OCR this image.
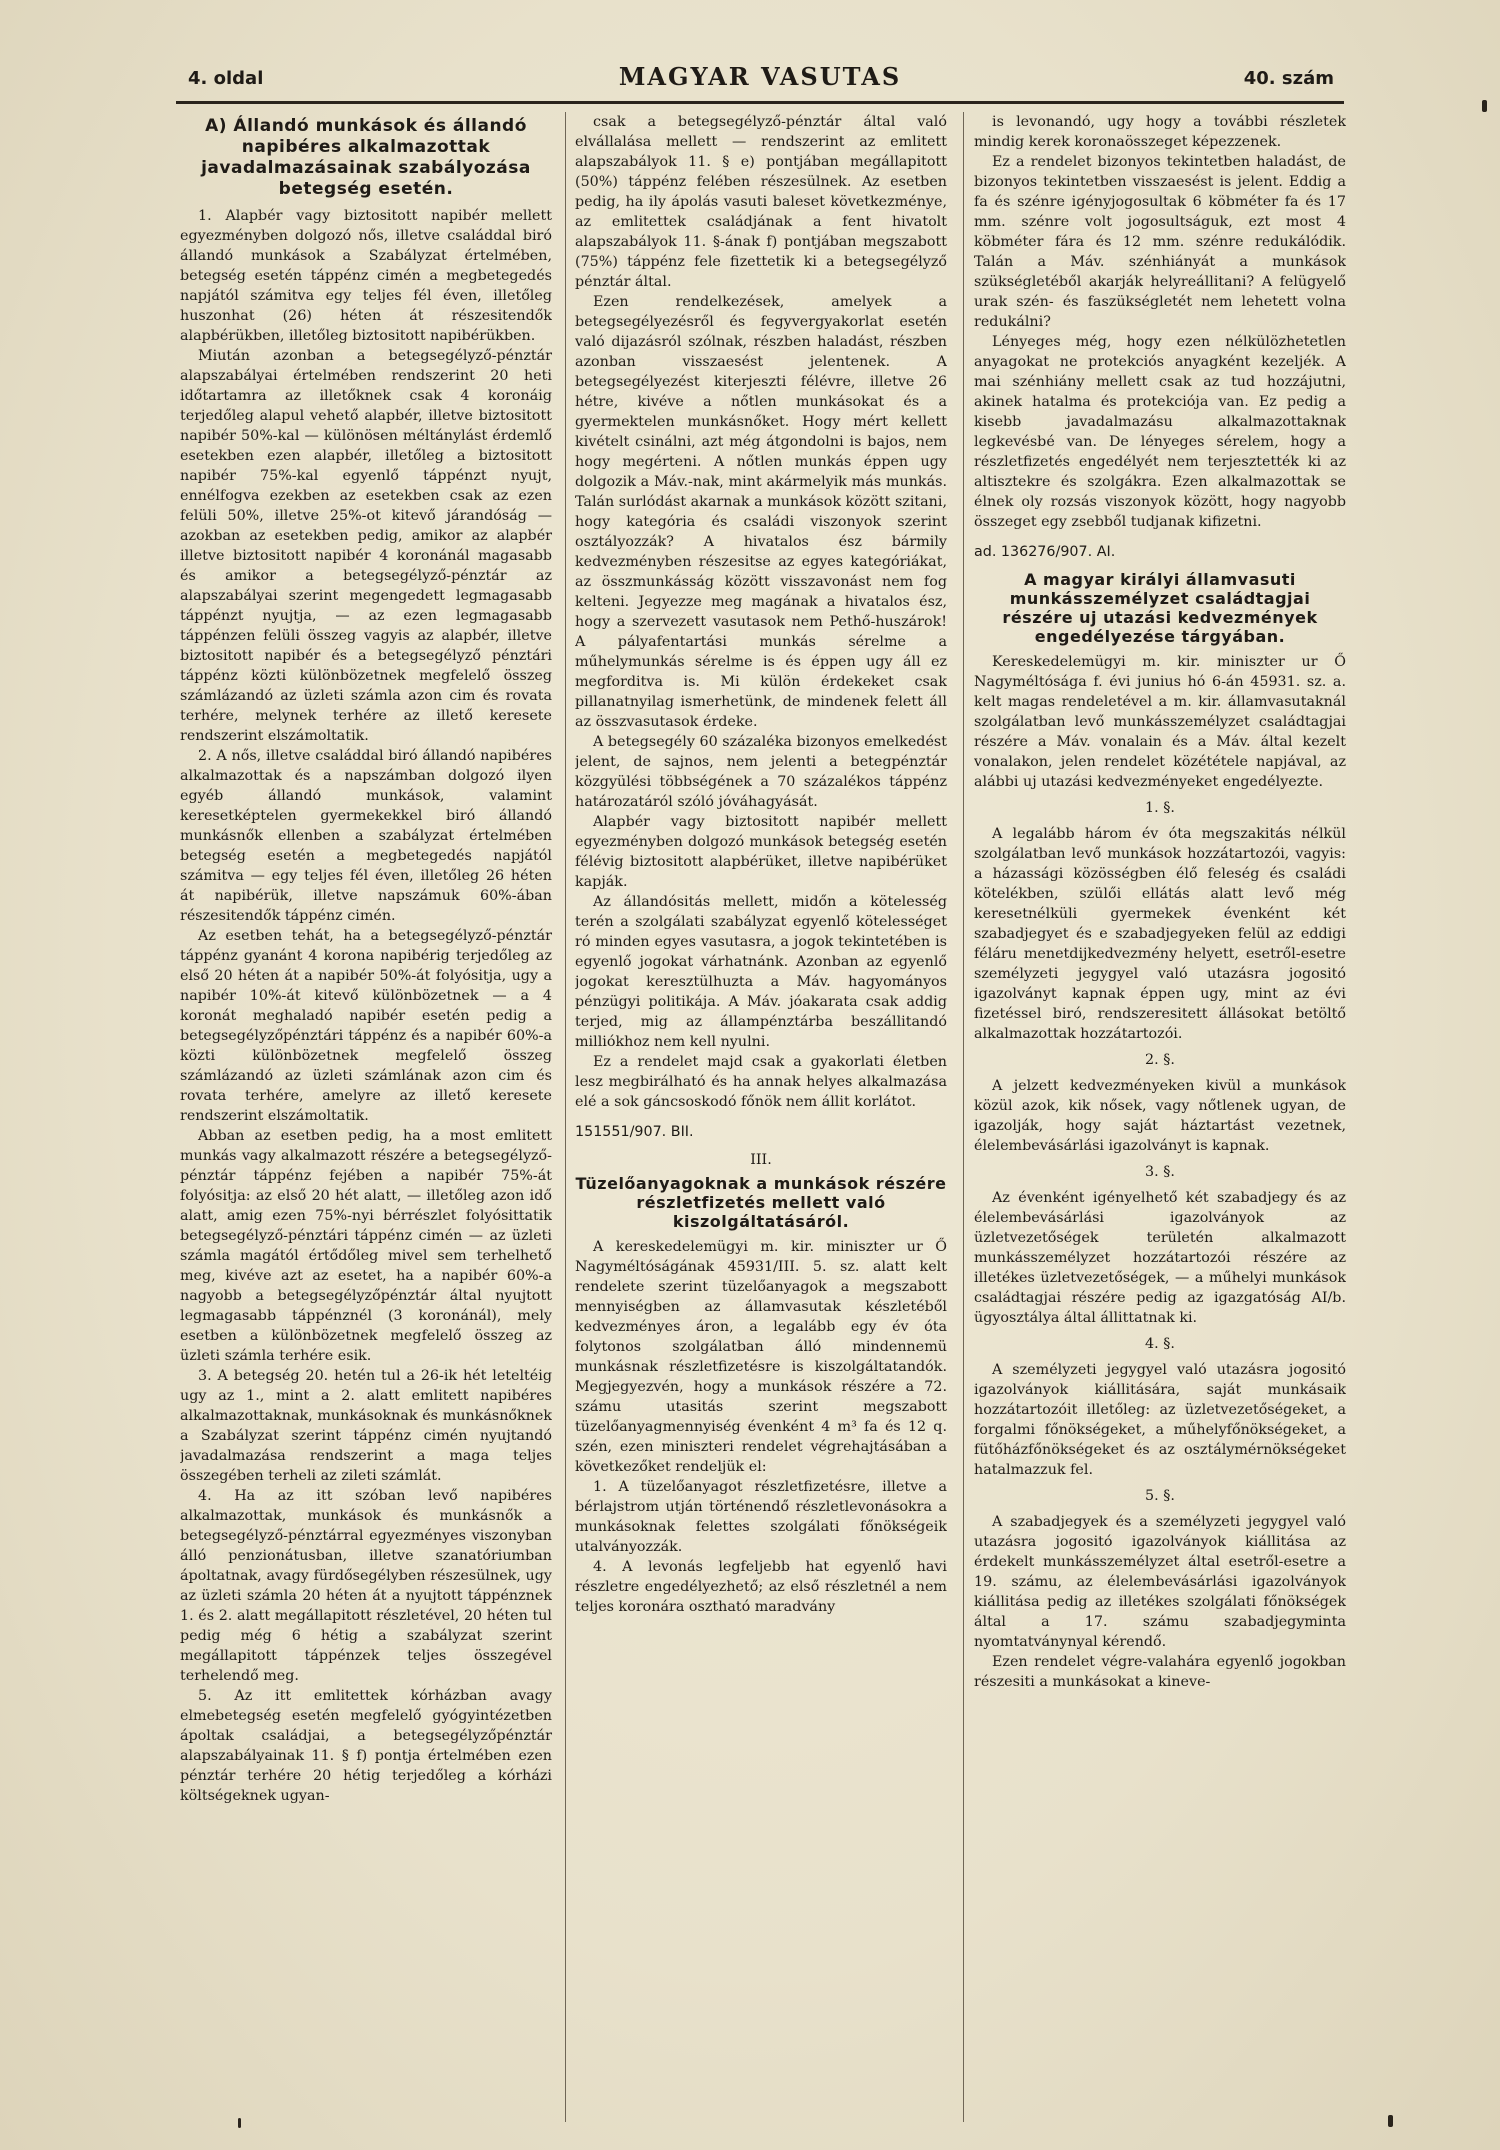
4. oldal	MAGYAR VASUTAS	40. szám
A) Állandó munkások és állandó napibéres alkalmazottak javadalmazásainak szabályozása betegség esetén.

1. Alapbér vagy biztositott napibér mellett egyezményben dolgozó nős, illetve családdal biró állandó munkások a Szabályzat értelmében, betegség esetén táppénz cimén a megbetegedés napjától számitva egy teljes fél éven, illetőleg huszonhat (26) héten át részesitendők alapbérükben, illetőleg biztositott napibérükben.

Miután azonban a betegsegélyző-pénztár alapszabályai értelmében rendszerint 20 heti időtartamra az illetőknek csak 4 koronáig terjedőleg alapul vehető alapbér, illetve biztositott napibér 50%-kal — különösen méltánylást érdemlő esetekben ezen alapbér, illetőleg a biztositott napibér 75%-kal egyenlő táppénzt nyujt, ennélfogva ezekben az esetekben csak az ezen felüli 50%, illetve 25%-ot kitevő járandóság — azokban az esetekben pedig, amikor az alapbér illetve biztositott napibér 4 koronánál magasabb és amikor a betegsegélyző-pénztár az alapszabályai szerint megengedett legmagasabb táppénzt nyujtja, — az ezen legmagasabb táppénzen felüli összeg vagyis az alapbér, illetve biztositott napibér és a betegsegélyző pénztári táppénz közti különbözetnek megfelelő összeg számlázandó az üzleti számla azon cim és rovata terhére, melynek terhére az illető keresete rendszerint elszámoltatik.

2. A nős, illetve családdal biró állandó napibéres alkalmazottak és a napszámban dolgozó ilyen egyéb állandó munkások, valamint keresetképtelen gyermekekkel biró állandó munkásnők ellenben a szabályzat értelmében betegség esetén a megbetegedés napjától számitva — egy teljes fél éven, illetőleg 26 héten át napibérük, illetve napszámuk 60%-ában részesitendők táppénz cimén.

Az esetben tehát, ha a betegsegélyző-pénztár táppénz gyanánt 4 korona napibérig terjedőleg az első 20 héten át a napibér 50%-át folyósitja, ugy a napibér 10%-át kitevő különbözetnek — a 4 koronát meghaladó napibér esetén pedig a betegsegélyzőpénztári táppénz és a napibér 60%-a közti különbözetnek megfelelő összeg számlázandó az üzleti számlának azon cim és rovata terhére, amelyre az illető keresete rendszerint elszámoltatik.

Abban az esetben pedig, ha a most emlitett munkás vagy alkalmazott részére a betegsegélyző-pénztár táppénz fejében a napibér 75%-át folyósitja: az első 20 hét alatt, — illetőleg azon idő alatt, amig ezen 75%-nyi bérrészlet folyósittatik betegsegélyző-pénztári táppénz cimén — az üzleti számla magától értődőleg mivel sem terhelhető meg, kivéve azt az esetet, ha a napibér 60%-a nagyobb a betegsegélyzőpénztár által nyujtott legmagasabb táppénznél (3 koronánál), mely esetben a különbözetnek megfelelő összeg az üzleti számla terhére esik.

3. A betegség 20. hetén tul a 26-ik hét leteltéig ugy az 1., mint a 2. alatt emlitett napibéres alkalmazottaknak, munkásoknak és munkásnőknek a Szabályzat szerint táppénz cimén nyujtandó javadalmazása rendszerint a maga teljes összegében terheli az zileti számlát.

4. Ha az itt szóban levő napibéres alkalmazottak, munkások és munkásnők a betegsegélyző-pénztárral egyezményes viszonyban álló penzionátusban, illetve szanatóriumban ápoltatnak, avagy fürdősegélyben részesülnek, ugy az üzleti számla 20 héten át a nyujtott táppénznek 1. és 2. alatt megállapitott részletével, 20 héten tul pedig még 6 hétig a szabályzat szerint megállapitott táppénzek teljes összegével terhelendő meg.

5. Az itt emlitettek kórházban avagy elmebetegség esetén megfelelő gyógyintézetben ápoltak családjai, a betegsegélyzőpénztár alapszabályainak 11. § f) pontja értelmében ezen pénztár terhére 20 hétig terjedőleg a kórházi költségeknek ugyan-

csak a betegsegélyző-pénztár által való elvállalása mellett — rendszerint az emlitett alapszabályok 11. § e) pontjában megállapitott (50%) táppénz felében részesülnek. Az esetben pedig, ha ily ápolás vasuti baleset következménye, az emlitettek családjának a fent hivatolt alapszabályok 11. §-ának f) pontjában megszabott (75%) táppénz fele fizettetik ki a betegsegélyző pénztár által.

Ezen rendelkezések, amelyek a betegsegélyezésről és fegyvergyakorlat esetén való dijazásról szólnak, részben haladást, részben azonban visszaesést jelentenek. A betegsegélyezést kiterjeszti félévre, illetve 26 hétre, kivéve a nőtlen munkásokat és a gyermektelen munkásnőket. Hogy mért kellett kivételt csinálni, azt még átgondolni is bajos, nem hogy megérteni. A nőtlen munkás éppen ugy dolgozik a Máv.-nak, mint akármelyik más munkás. Talán surlódást akarnak a munkások között szitani, hogy kategória és családi viszonyok szerint osztályozzák? A hivatalos ész bármily kedvezményben részesitse az egyes kategóriákat, az összmunkásság között visszavonást nem fog kelteni. Jegyezze meg magának a hivatalos ész, hogy a szervezett vasutasok nem Pethő-huszárok! A pályafentartási munkás sérelme a műhelymunkás sérelme is és éppen ugy áll ez megforditva is. Mi külön érdekeket csak pillanatnyilag ismerhetünk, de mindenek felett áll az összvasutasok érdeke.

A betegsegély 60 százaléka bizonyos emelkedést jelent, de sajnos, nem jelenti a betegpénztár közgyülési többségének a 70 százalékos táppénz határozatáról szóló jóváhagyását.

Alapbér vagy biztositott napibér mellett egyezményben dolgozó munkások betegség esetén félévig biztositott alapbérüket, illetve napibérüket kapják.

Az állandósitás mellett, midőn a kötelesség terén a szolgálati szabályzat egyenlő kötelességet ró minden egyes vasutasra, a jogok tekintetében is egyenlő jogokat várhatnánk. Azonban az egyenlő jogokat keresztülhuzta a Máv. hagyományos pénzügyi politikája. A Máv. jóakarata csak addig terjed, mig az állampénztárba beszállitandó milliókhoz nem kell nyulni.

Ez a rendelet majd csak a gyakorlati életben lesz megbirálható és ha annak helyes alkalmazása elé a sok gáncsoskodó főnök nem állit korlátot.

151551/907. BII.

III.

Tüzelőanyagoknak a munkások részére részletfizetés mellett való kiszolgáltatásáról.

A kereskedelemügyi m. kir. miniszter ur Ő Nagyméltóságának 45931/III. 5. sz. alatt kelt rendelete szerint tüzelőanyagok a megszabott mennyiségben az államvasutak készletéből kedvezményes áron, a legalább egy év óta folytonos szolgálatban álló mindennemü munkásnak részletfizetésre is kiszolgáltatandók. Megjegyezvén, hogy a munkások részére a 72. számu utasitás szerint megszabott tüzelőanyagmennyiség évenként 4 m³ fa és 12 q. szén, ezen miniszteri rendelet végrehajtásában a következőket rendeljük el:

1. A tüzelőanyagot részletfizetésre, illetve a bérlajstrom utján történendő részletlevonásokra a munkásoknak felettes szolgálati főnökségeik utalványozzák.

4. A levonás legfeljebb hat egyenlő havi részletre engedélyezhető; az első részletnél a nem teljes koronára osztható maradvány

is levonandó, ugy hogy a további részletek mindig kerek koronaösszeget képezzenek.

Ez a rendelet bizonyos tekintetben haladást, de bizonyos tekintetben visszaesést is jelent. Eddig a fa és szénre igényjogosultak 6 köbméter fa és 17 mm. szénre volt jogosultságuk, ezt most 4 köbméter fára és 12 mm. szénre redukálódik. Talán a Máv. szénhiányát a munkások szükségletéből akarják helyreállitani? A felügyelő urak szén- és faszükségletét nem lehetett volna redukálni?

Lényeges még, hogy ezen nélkülözhetetlen anyagokat ne protekciós anyagként kezeljék. A mai szénhiány mellett csak az tud hozzájutni, akinek hatalma és protekciója van. Ez pedig a kisebb javadalmazásu alkalmazottaknak legkevésbé van. De lényeges sérelem, hogy a részletfizetés engedélyét nem terjesztették ki az altisztekre és szolgákra. Ezen alkalmazottak se élnek oly rozsás viszonyok között, hogy nagyobb összeget egy zsebből tudjanak kifizetni.

ad. 136276/907. AI.

A magyar királyi államvasuti munkásszemélyzet családtagjai részére uj utazási kedvezmények engedélyezése tárgyában.

Kereskedelemügyi m. kir. miniszter ur Ő Nagyméltósága f. évi junius hó 6-án 45931. sz. a. kelt magas rendeletével a m. kir. államvasutaknál szolgálatban levő munkásszemélyzet családtagjai részére a Máv. vonalain és a Máv. által kezelt vonalakon, jelen rendelet közététele napjával, az alábbi uj utazási kedvezményeket engedélyezte.

1. §.

A legalább három év óta megszakitás nélkül szolgálatban levő munkások hozzátartozói, vagyis: a házassági közösségben élő feleség és családi kötelékben, szülői ellátás alatt levő még keresetnélküli gyermekek évenként két szabadjegyet és e szabadjegyeken felül az eddigi féláru menetdijkedvezmény helyett, esetről-esetre személyzeti jegygyel való utazásra jogositó igazolványt kapnak éppen ugy, mint az évi fizetéssel biró, rendszeresitett állásokat betöltő alkalmazottak hozzátartozói.

2. §.

A jelzett kedvezményeken kivül a munkások közül azok, kik nősek, vagy nőtlenek ugyan, de igazolják, hogy saját háztartást vezetnek, élelembevásárlási igazolványt is kapnak.

3. §.

Az évenként igényelhető két szabadjegy és az élelembevásárlási igazolványok az üzletvezetőségek területén alkalmazott munkásszemélyzet hozzátartozói részére az illetékes üzletvezetőségek, — a műhelyi munkások családtagjai részére pedig az igazgatóság AI/b. ügyosztálya által állittatnak ki.

4. §.

A személyzeti jegygyel való utazásra jogositó igazolványok kiállitására, saját munkásaik hozzátartozóit illetőleg: az üzletvezetőségeket, a forgalmi főnökségeket, a műhelyfőnökségeket, a fütőházfőnökségeket és az osztálymérnökségeket hatalmazzuk fel.

5. §.

A szabadjegyek és a személyzeti jegygyel való utazásra jogositó igazolványok kiállitása az érdekelt munkásszemélyzet által esetről-esetre a 19. számu, az élelembevásárlási igazolványok kiállitása pedig az illetékes szolgálati főnökségek által a 17. számu szabadjegyminta nyomtatványnyal kérendő.

Ezen rendelet végre-valahára egyenlő jogokban részesiti a munkásokat a kineve-
